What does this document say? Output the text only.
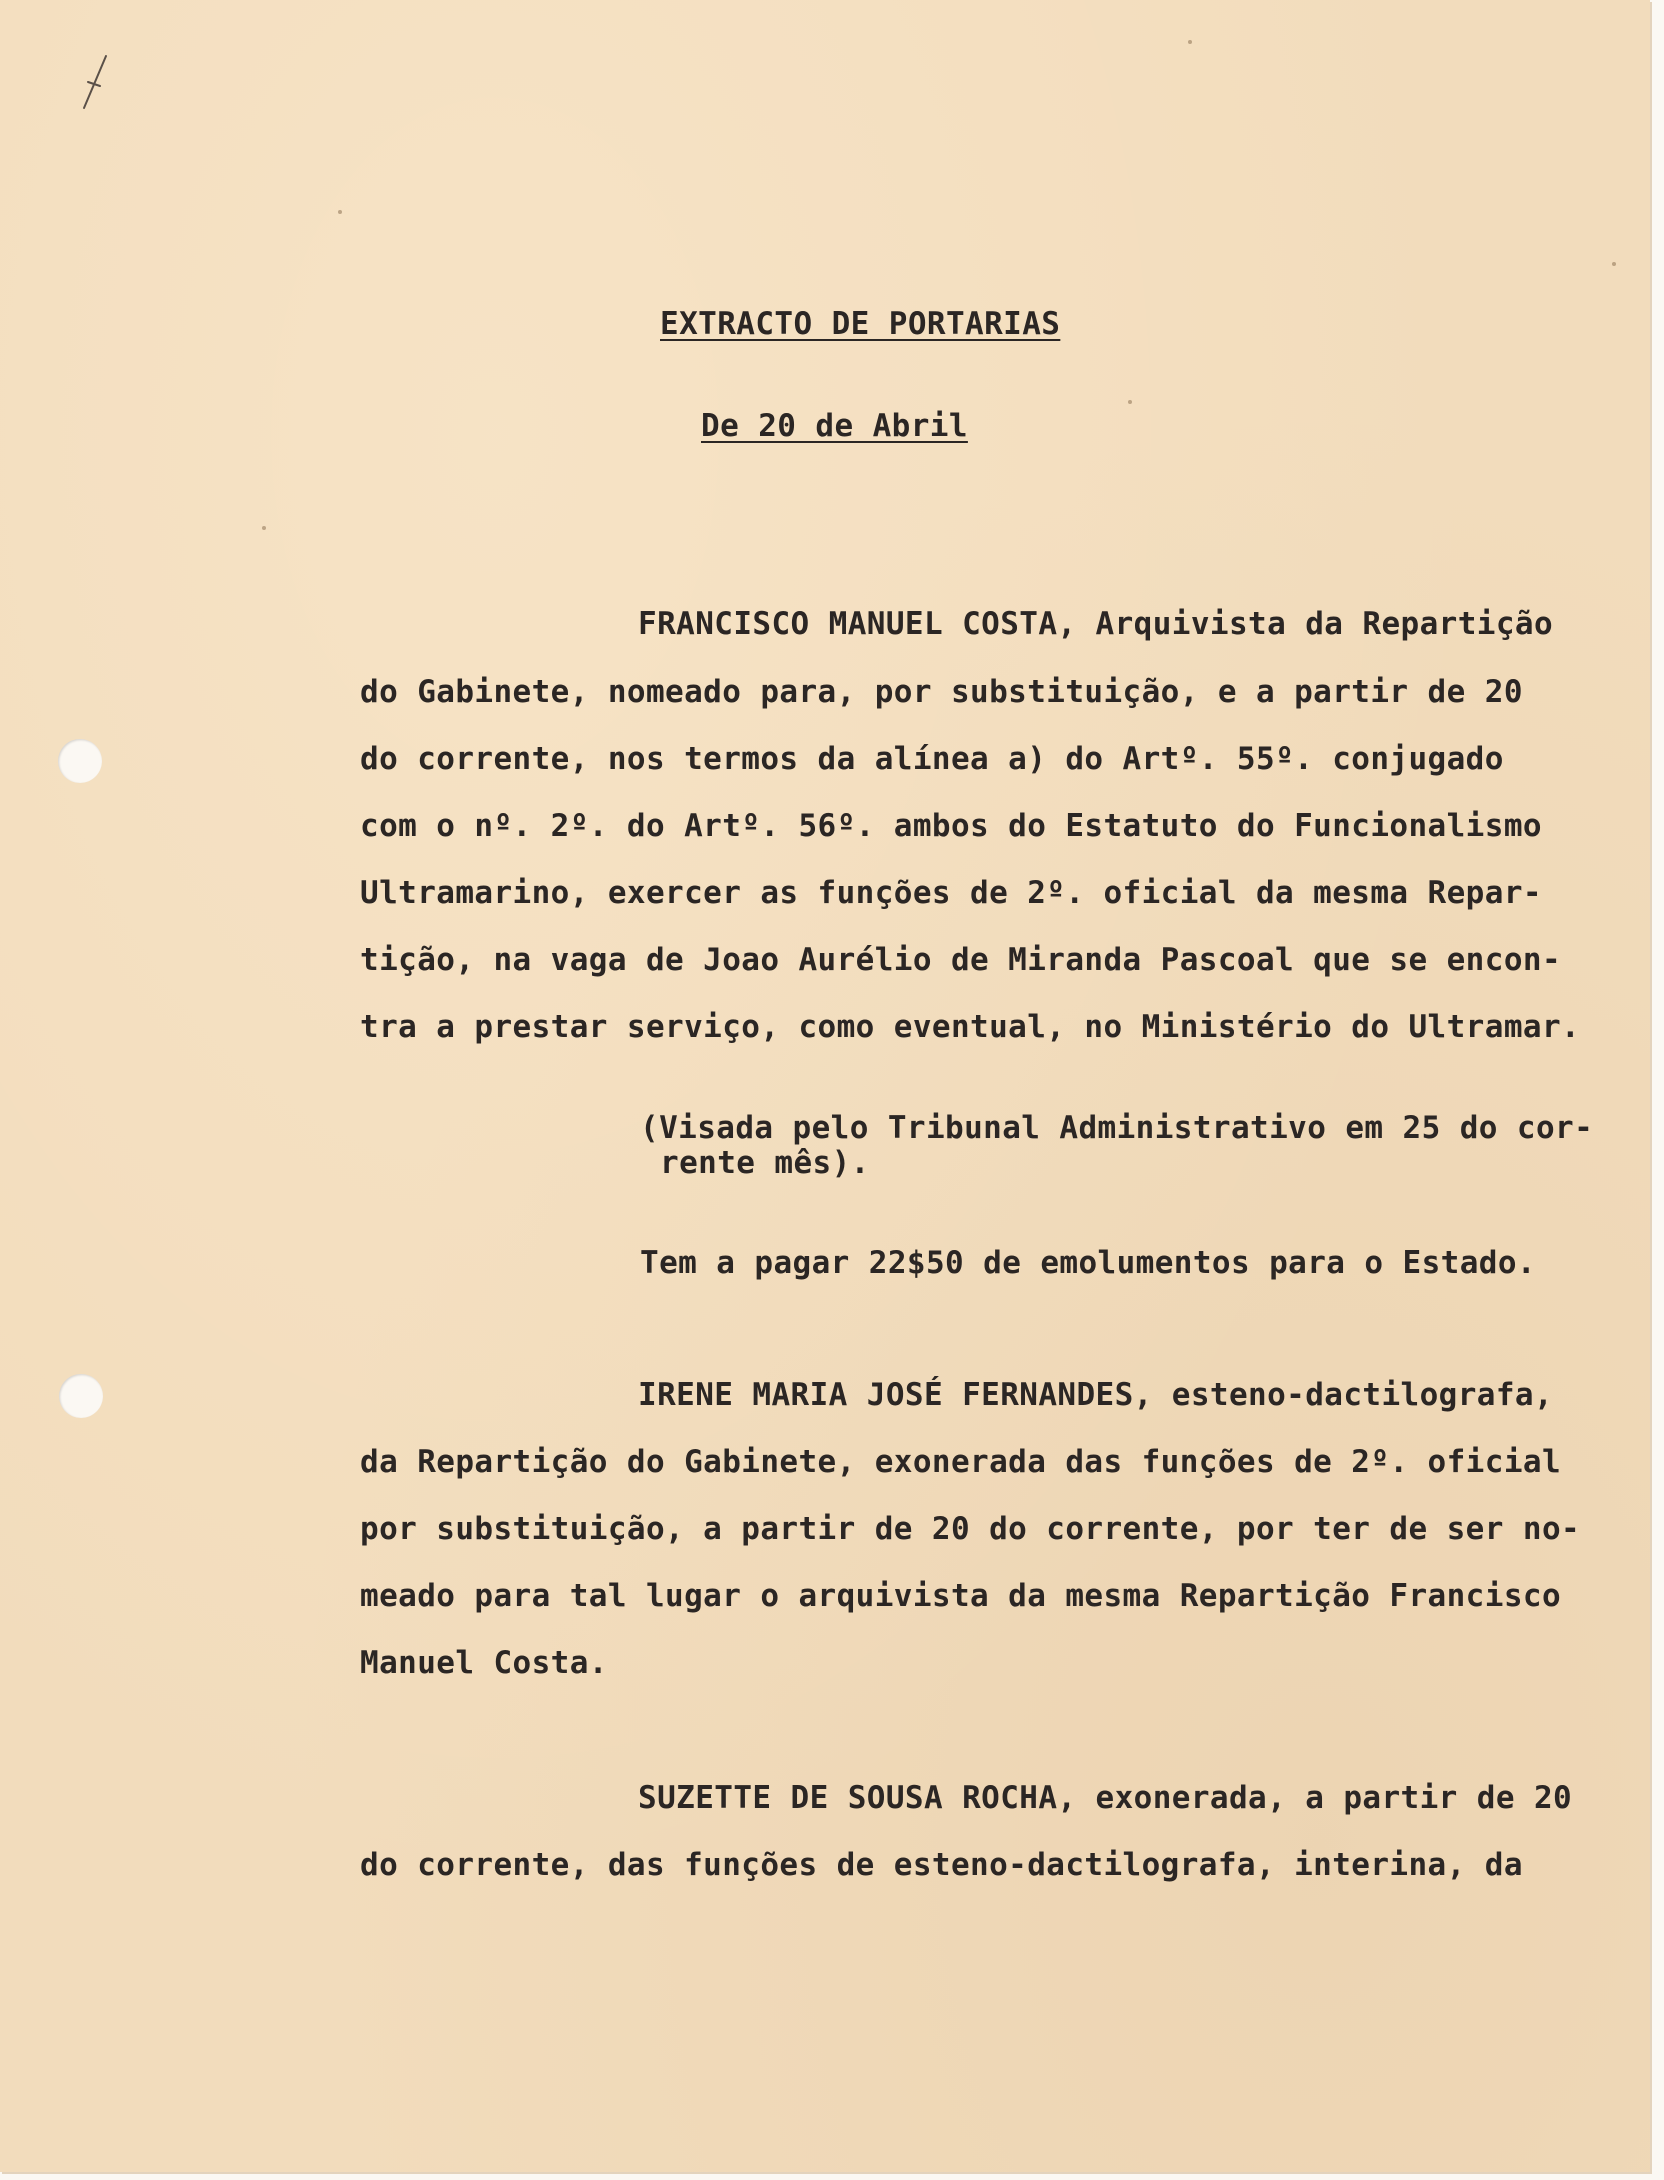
EXTRACTO DE PORTARIAS
De 20 de Abril
FRANCISCO MANUEL COSTA, Arquivista da Repartição
do Gabinete, nomeado para, por substituição, e a partir de 20
do corrente, nos termos da alínea a) do Artº. 55º. conjugado
com o nº. 2º. do Artº. 56º. ambos do Estatuto do Funcionalismo
Ultramarino, exercer as funções de 2º. oficial da mesma Repar-
tição, na vaga de Joao Aurélio de Miranda Pascoal que se encon-
tra a prestar serviço, como eventual, no Ministério do Ultramar.
(Visada pelo Tribunal Administrativo em 25 do cor-
rente mês).
Tem a pagar 22$50 de emolumentos para o Estado.
IRENE MARIA JOSÉ FERNANDES, esteno-dactilografa,
da Repartição do Gabinete, exonerada das funções de 2º. oficial
por substituição, a partir de 20 do corrente, por ter de ser no-
meado para tal lugar o arquivista da mesma Repartição Francisco
Manuel Costa.
SUZETTE DE SOUSA ROCHA, exonerada, a partir de 20
do corrente, das funções de esteno-dactilografa, interina, da
